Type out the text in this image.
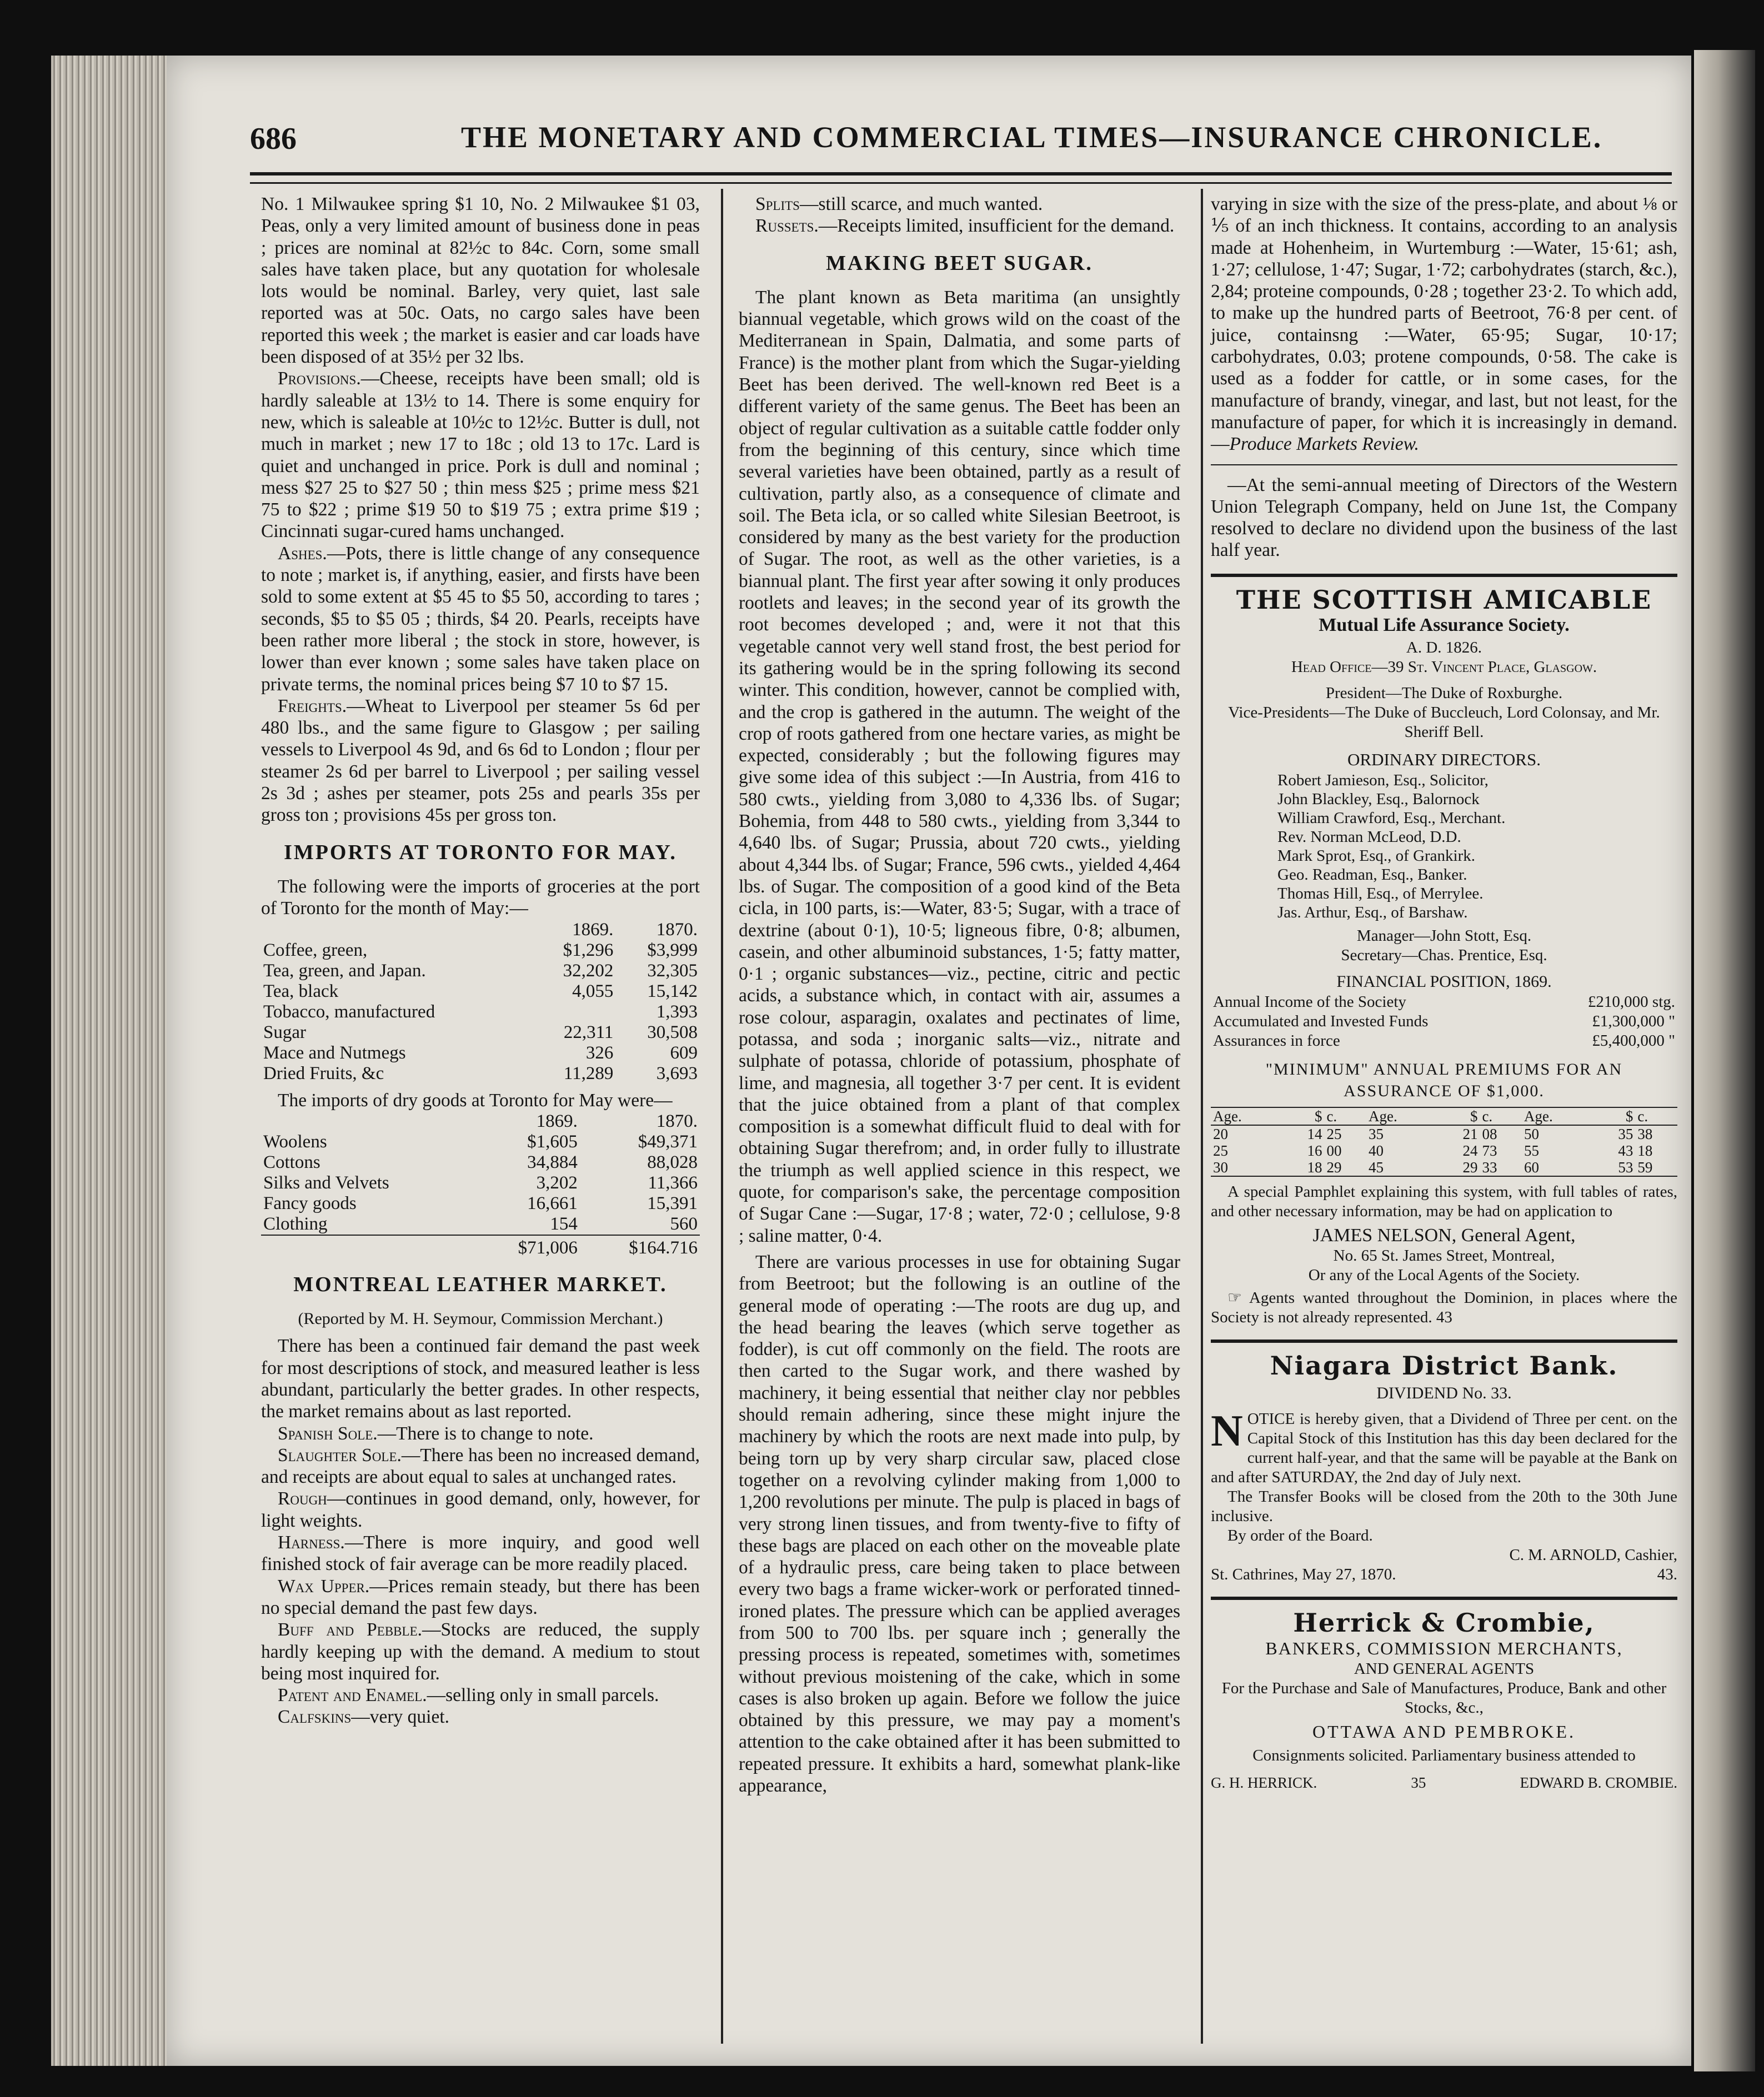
686	THE MONETARY AND COMMERCIAL TIMES—INSURANCE CHRONICLE.

No. 1 Milwaukee spring $1 10, No. 2 Milwaukee $1 03, Peas, only a very limited amount of business done in peas ; prices are nominal at 82½c to 84c. Corn, some small sales have taken place, but any quotation for wholesale lots would be nominal. Barley, very quiet, last sale reported was at 50c. Oats, no cargo sales have been reported this week ; the market is easier and car loads have been disposed of at 35½ per 32 lbs.

Provisions.—Cheese, receipts have been small; old is hardly saleable at 13½ to 14. There is some enquiry for new, which is saleable at 10½c to 12½c. Butter is dull, not much in market ; new 17 to 18c ; old 13 to 17c. Lard is quiet and unchanged in price. Pork is dull and nominal ; mess $27 25 to $27 50 ; thin mess $25 ; prime mess $21 75 to $22 ; prime $19 50 to $19 75 ; extra prime $19 ; Cincinnati sugar-cured hams unchanged.

Ashes.—Pots, there is little change of any consequence to note ; market is, if anything, easier, and firsts have been sold to some extent at $5 45 to $5 50, according to tares ; seconds, $5 to $5 05 ; thirds, $4 20. Pearls, receipts have been rather more liberal ; the stock in store, however, is lower than ever known ; some sales have taken place on private terms, the nominal prices being $7 10 to $7 15.

Freights.—Wheat to Liverpool per steamer 5s 6d per 480 lbs., and the same figure to Glasgow ; per sailing vessels to Liverpool 4s 9d, and 6s 6d to London ; flour per steamer 2s 6d per barrel to Liverpool ; per sailing vessel 2s 3d ; ashes per steamer, pots 25s and pearls 35s per gross ton ; provisions 45s per gross ton.

IMPORTS AT TORONTO FOR MAY.

The following were the imports of groceries at the port of Toronto for the month of May:—

	1869.	1870.
Coffee, green,	$1,296	$3,999
Tea, green, and Japan.	32,202	32,305
Tea, black	4,055	15,142
Tobacco, manufactured		1,393
Sugar	22,311	30,508
Mace and Nutmegs	326	609
Dried Fruits, &c	11,289	3,693

The imports of dry goods at Toronto for May were—

	1869.	1870.
Woolens	$1,605	$49,371
Cottons	34,884	88,028
Silks and Velvets	3,202	11,366
Fancy goods	16,661	15,391
Clothing	154	560
	$71,006	$164.716
MONTREAL LEATHER MARKET.
(Reported by M. H. Seymour, Commission Merchant.)

There has been a continued fair demand the past week for most descriptions of stock, and measured leather is less abundant, particularly the better grades. In other respects, the market remains about as last reported.

Spanish Sole.—There is to change to note.

Slaughter Sole.—There has been no increased demand, and receipts are about equal to sales at unchanged rates.

Rough—continues in good demand, only, however, for light weights.

Harness.—There is more inquiry, and good well finished stock of fair average can be more readily placed.

Wax Upper.—Prices remain steady, but there has been no special demand the past few days.

Buff and Pebble.—Stocks are reduced, the supply hardly keeping up with the demand. A medium to stout being most inquired for.

Patent and Enamel.—selling only in small parcels.

Calfskins—very quiet.

Splits—still scarce, and much wanted.

Russets.—Receipts limited, insufficient for the demand.

MAKING BEET SUGAR.

The plant known as Beta maritima (an unsightly biannual vegetable, which grows wild on the coast of the Mediterranean in Spain, Dalmatia, and some parts of France) is the mother plant from which the Sugar-yielding Beet has been derived. The well-known red Beet is a different variety of the same genus. The Beet has been an object of regular cultivation as a suitable cattle fodder only from the beginning of this century, since which time several varieties have been obtained, partly as a result of cultivation, partly also, as a consequence of climate and soil. The Beta icla, or so called white Silesian Beetroot, is considered by many as the best variety for the production of Sugar. The root, as well as the other varieties, is a biannual plant. The first year after sowing it only produces rootlets and leaves; in the second year of its growth the root becomes developed ; and, were it not that this vegetable cannot very well stand frost, the best period for its gathering would be in the spring following its second winter. This condition, however, cannot be complied with, and the crop is gathered in the autumn. The weight of the crop of roots gathered from one hectare varies, as might be expected, considerably ; but the following figures may give some idea of this subject :—In Austria, from 416 to 580 cwts., yielding from 3,080 to 4,336 lbs. of Sugar; Bohemia, from 448 to 580 cwts., yielding from 3,344 to 4,640 lbs. of Sugar; Prussia, about 720 cwts., yielding about 4,344 lbs. of Sugar; France, 596 cwts., yielded 4,464 lbs. of Sugar. The composition of a good kind of the Beta cicla, in 100 parts, is:—Water, 83·5; Sugar, with a trace of dextrine (about 0·1), 10·5; ligneous fibre, 0·8; albumen, casein, and other albuminoid substances, 1·5; fatty matter, 0·1 ; organic substances—viz., pectine, citric and pectic acids, a substance which, in contact with air, assumes a rose colour, asparagin, oxalates and pectinates of lime, potassa, and soda ; inorganic salts—viz., nitrate and sulphate of potassa, chloride of potassium, phosphate of lime, and magnesia, all together 3·7 per cent. It is evident that the juice obtained from a plant of that complex composition is a somewhat difficult fluid to deal with for obtaining Sugar therefrom; and, in order fully to illustrate the triumph as well applied science in this respect, we quote, for comparison's sake, the percentage composition of Sugar Cane :—Sugar, 17·8 ; water, 72·0 ; cellulose, 9·8 ; saline matter, 0·4.

There are various processes in use for obtaining Sugar from Beetroot; but the following is an outline of the general mode of operating :—The roots are dug up, and the head bearing the leaves (which serve together as fodder), is cut off commonly on the field. The roots are then carted to the Sugar work, and there washed by machinery, it being essential that neither clay nor pebbles should remain adhering, since these might injure the machinery by which the roots are next made into pulp, by being torn up by very sharp circular saw, placed close together on a revolving cylinder making from 1,000 to 1,200 revolutions per minute. The pulp is placed in bags of very strong linen tissues, and from twenty-five to fifty of these bags are placed on each other on the moveable plate of a hydraulic press, care being taken to place between every two bags a frame wicker-work or perforated tinned-ironed plates. The pressure which can be applied averages from 500 to 700 lbs. per square inch ; generally the pressing process is repeated, sometimes with, sometimes without previous moistening of the cake, which in some cases is also broken up again. Before we follow the juice obtained by this pressure, we may pay a moment's attention to the cake obtained after it has been submitted to repeated pressure. It exhibits a hard, somewhat plank-like appearance,

varying in size with the size of the press-plate, and about ⅛ or ⅕ of an inch thickness. It contains, according to an analysis made at Hohenheim, in Wurtemburg :—Water, 15·61; ash, 1·27; cellulose, 1·47; Sugar, 1·72; carbohydrates (starch, &c.), 2,84; proteine compounds, 0·28 ; together 23·2. To which add, to make up the hundred parts of Beetroot, 76·8 per cent. of juice, containsng :—Water, 65·95; Sugar, 10·17; carbohydrates, 0.03; protene compounds, 0·58. The cake is used as a fodder for cattle, or in some cases, for the manufacture of brandy, vinegar, and last, but not least, for the manufacture of paper, for which it is increasingly in demand.—Produce Markets Review.

—At the semi-annual meeting of Directors of the Western Union Telegraph Company, held on June 1st, the Company resolved to declare no dividend upon the business of the last half year.

THE SCOTTISH AMICABLE
Mutual Life Assurance Society.
A. D. 1826.
Head Office—39 St. Vincent Place, Glasgow.
President—The Duke of Roxburghe.
Vice-Presidents—The Duke of Buccleuch, Lord Colonsay, and Mr. Sheriff Bell.
ORDINARY DIRECTORS.
Robert Jamieson, Esq., Solicitor,
John Blackley, Esq., Balornock
William Crawford, Esq., Merchant.
Rev. Norman McLeod, D.D.
Mark Sprot, Esq., of Grankirk.
Geo. Readman, Esq., Banker.
Thomas Hill, Esq., of Merrylee.
Jas. Arthur, Esq., of Barshaw.
Manager—John Stott, Esq.
Secretary—Chas. Prentice, Esq.
FINANCIAL POSITION, 1869.
Annual Income of the Society	£210,000 stg.
Accumulated and Invested Funds	£1,300,000 "
Assurances in force	£5,400,000 "
"MINIMUM" ANNUAL PREMIUMS FOR AN ASSURANCE OF $1,000.
Age.	$	c.	Age.	$	c.	Age.	$	c.
20	14	25	35	21	08	50	35	38
25	16	00	40	24	73	55	43	18
30	18	29	45	29	33	60	53	59

A special Pamphlet explaining this system, with full tables of rates, and other necessary information, may be had on application to

JAMES NELSON, General Agent,
No. 65 St. James Street, Montreal,
Or any of the Local Agents of the Society.

☞ Agents wanted throughout the Dominion, in places where the Society is not already represented. 43

Niagara District Bank.
DIVIDEND No. 33.

NOTICE is hereby given, that a Dividend of Three per cent. on the Capital Stock of this Institution has this day been declared for the current half-year, and that the same will be payable at the Bank on and after SATURDAY, the 2nd day of July next.

The Transfer Books will be closed from the 20th to the 30th June inclusive.

By order of the Board.

C. M. ARNOLD, Cashier,
St. Cathrines, May 27, 1870.	43.
Herrick & Crombie,
BANKERS, COMMISSION MERCHANTS,
AND GENERAL AGENTS
For the Purchase and Sale of Manufactures, Produce, Bank and other Stocks, &c.,
OTTAWA AND PEMBROKE.
Consignments solicited. Parliamentary business attended to
G. H. HERRICK.	35	EDWARD B. CROMBIE.
